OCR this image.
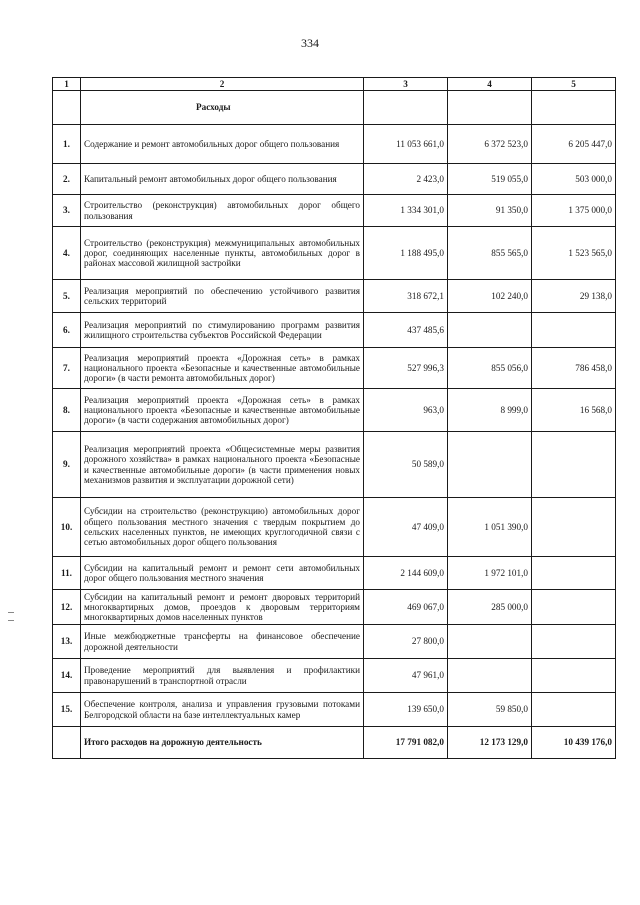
334
1	2	3	4	5
	Расходы			
1.	Содержание и ремонт автомобильных дорог общего пользования	11 053 661,0	6 372 523,0	6 205 447,0
2.	Капитальный ремонт автомобильных дорог общего пользования	2 423,0	519 055,0	503 000,0
3.	Строительство (реконструкция) автомобильных дорог общего пользования	1 334 301,0	91 350,0	1 375 000,0
4.	Строительство (реконструкция) межмуниципальных автомобильных дорог, соединяющих населенные пункты, автомобильных дорог в районах массовой жилищной застройки	1 188 495,0	855 565,0	1 523 565,0
5.	Реализация мероприятий по обеспечению устойчивого развития сельских территорий	318 672,1	102 240,0	29 138,0
6.	Реализация мероприятий по стимулированию программ развития жилищного строительства субъектов Российской Федерации	437 485,6		
7.	Реализация мероприятий проекта «Дорожная сеть» в рамках национального проекта «Безопасные и качественные автомобильные дороги» (в части ремонта автомобильных дорог)	527 996,3	855 056,0	786 458,0
8.	Реализация мероприятий проекта «Дорожная сеть» в рамках национального проекта «Безопасные и качественные автомобильные дороги» (в части содержания автомобильных дорог)	963,0	8 999,0	16 568,0
9.	Реализация мероприятий проекта «Общесистемные меры развития дорожного хозяйства» в рамках национального проекта «Безопасные и качественные автомобильные дороги» (в части применения новых механизмов развития и эксплуатации дорожной сети)	50 589,0		
10.	Субсидии на строительство (реконструкцию) автомобильных дорог общего пользования местного значения с твердым покрытием до сельских населенных пунктов, не имеющих круглогодичной связи с сетью автомобильных дорог общего пользования	47 409,0	1 051 390,0	
11.	Субсидии на капитальный ремонт и ремонт сети автомобильных дорог общего пользования местного значения	2 144 609,0	1 972 101,0	
12.	Субсидии на капитальный ремонт и ремонт дворовых территорий многоквартирных домов, проездов к дворовым территориям многоквартирных домов населенных пунктов	469 067,0	285 000,0	
13.	Иные межбюджетные трансферты на финансовое обеспечение дорожной деятельности	27 800,0		
14.	Проведение мероприятий для выявления и профилактики правонарушений в транспортной отрасли	47 961,0		
15.	Обеспечение контроля, анализа и управления грузовыми потоками Белгородской области на базе интеллектуальных камер	139 650,0	59 850,0	
	Итого расходов на дорожную деятельность	17 791 082,0	12 173 129,0	10 439 176,0
